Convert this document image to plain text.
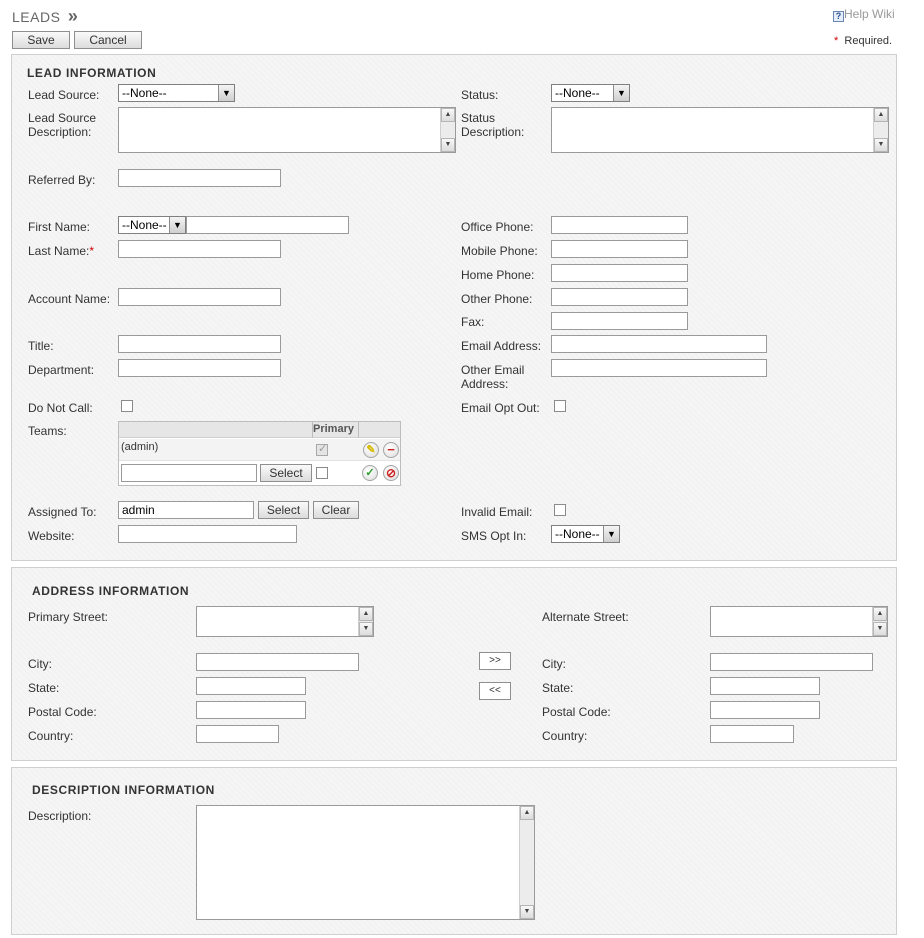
LEADS »	? Help Wiki
Save	Cancel	* Required.
LEAD INFORMATION
Lead Source:	--None--	▼
Lead Source Description:
▲
▼
Status:	--None--	▼
Status Description:
▲
▼
Referred By:
First Name:	--None-- ▼
Last Name:*
Account Name:
Title:
Department:
Do Not Call:
Teams:	Primary
(admin)
✓	✎ −
Select	✓ ⊘
Assigned To:
admin	Select	Clear
Website:
Office Phone:
Mobile Phone:
Home Phone:
Other Phone:
Fax:
Email Address:
Other Email Address:
Email Opt Out:
Invalid Email:
SMS Opt In:	--None-- ▼
ADDRESS INFORMATION
Primary Street:	▲
▼
City:
State:
Postal Code:
Country:
>>
<<
Alternate Street:	▲
▼
City:
State:
Postal Code:
Country:
DESCRIPTION INFORMATION
Description:	▲
▼
